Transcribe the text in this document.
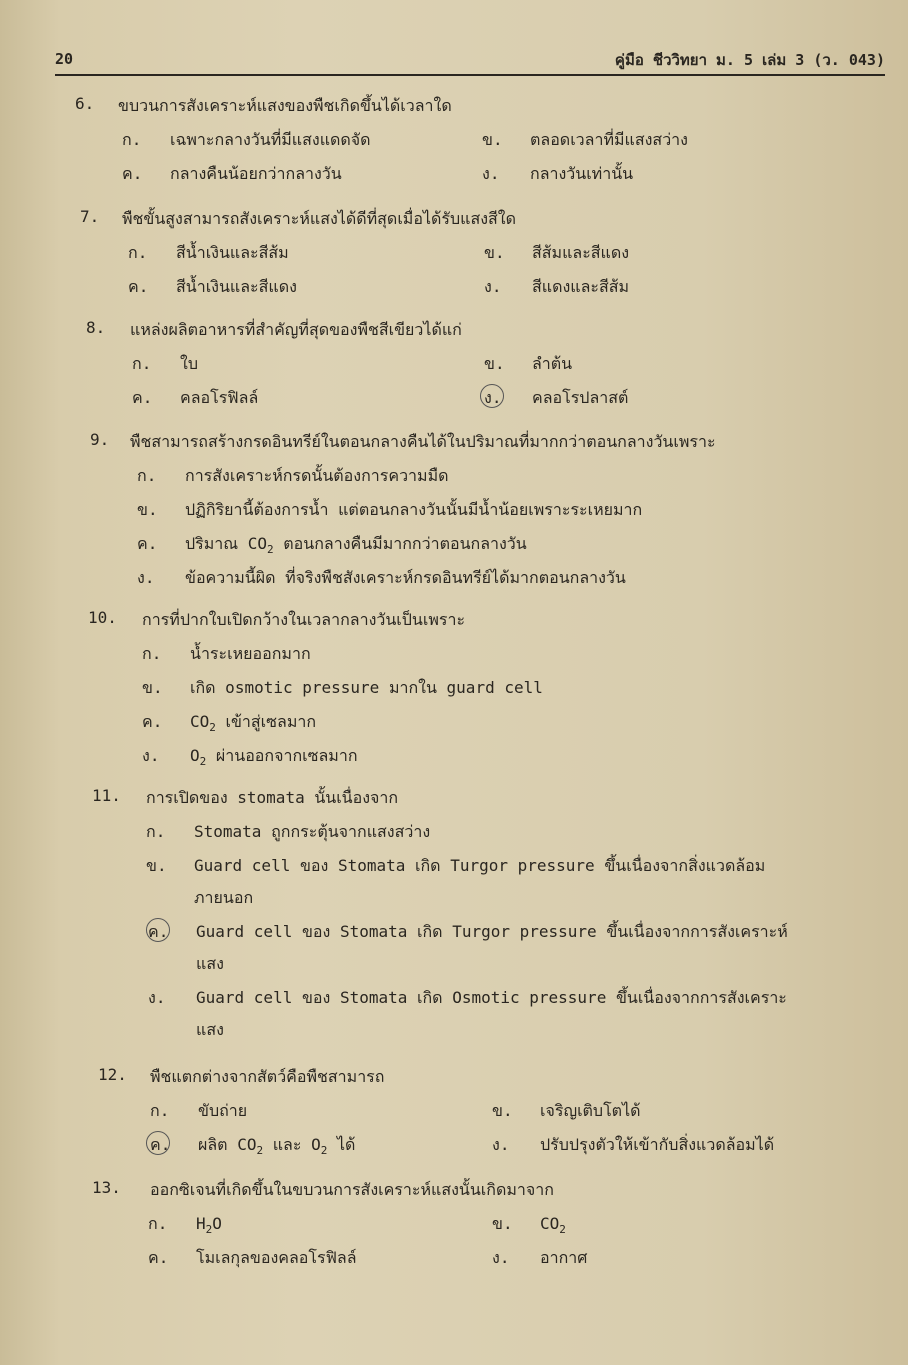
20	คู่มือ ชีววิทยา ม. 5 เล่ม 3 (ว. 043)
6. ขบวนการสังเคราะห์แสงของพืชเกิดขึ้นได้เวลาใด
ก. เฉพาะกลางวันที่มีแสงแดดจัด	ข. ตลอดเวลาที่มีแสงสว่าง
ค. กลางคืนน้อยกว่ากลางวัน	ง. กลางวันเท่านั้น
7. พืชขั้นสูงสามารถสังเคราะห์แสงได้ดีที่สุดเมื่อได้รับแสงสีใด
ก. สีน้ำเงินและสีส้ม	ข. สีส้มและสีแดง
ค. สีน้ำเงินและสีแดง	ง. สีแดงและสีส้ม
8. แหล่งผลิตอาหารที่สำคัญที่สุดของพืชสีเขียวได้แก่
ก. ใบ	ข. ลำต้น
ค. คลอโรฟิลล์	ง. คลอโรปลาสต์
9. พืชสามารถสร้างกรดอินทรีย์ในตอนกลางคืนได้ในปริมาณที่มากกว่าตอนกลางวันเพราะ
ก. การสังเคราะห์กรดนั้นต้องการความมืด
ข. ปฏิกิริยานี้ต้องการน้ำ แต่ตอนกลางวันนั้นมีน้ำน้อยเพราะระเหยมาก
ค. ปริมาณ $CO_2$ ตอนกลางคืนมีมากกว่าตอนกลางวัน
ง. ข้อความนี้ผิด ที่จริงพืชสังเคราะห์กรดอินทรีย์ได้มากตอนกลางวัน
10. การที่ปากใบเปิดกว้างในเวลากลางวันเป็นเพราะ
ก. น้ำระเหยออกมาก
ข. เกิด osmotic pressure มากใน guard cell
ค. $CO_2$ เข้าสู่เซลมาก
ง. $O_2$ ผ่านออกจากเซลมาก
11. การเปิดของ stomata นั้นเนื่องจาก
ก. Stomata ถูกกระตุ้นจากแสงสว่าง
ข. Guard cell ของ Stomata เกิด Turgor pressure ขึ้นเนื่องจากสิ่งแวดล้อม
ภายนอก
ค. Guard cell ของ Stomata เกิด Turgor pressure ขึ้นเนื่องจากการสังเคราะห์
แสง
ง. Guard cell ของ Stomata เกิด Osmotic pressure ขึ้นเนื่องจากการสังเคราะ
แสง
12. พืชแตกต่างจากสัตว์คือพืชสามารถ
ก. ขับถ่าย	ข. เจริญเติบโตได้
ค. ผลิต $CO_2$ และ $O_2$ ได้	ง. ปรับปรุงตัวให้เข้ากับสิ่งแวดล้อมได้
13. ออกซิเจนที่เกิดขึ้นในขบวนการสังเคราะห์แสงนั้นเกิดมาจาก
ก. $H_2O$	ข. $CO_2$
ค. โมเลกุลของคลอโรฟิลล์	ง. อากาศ
